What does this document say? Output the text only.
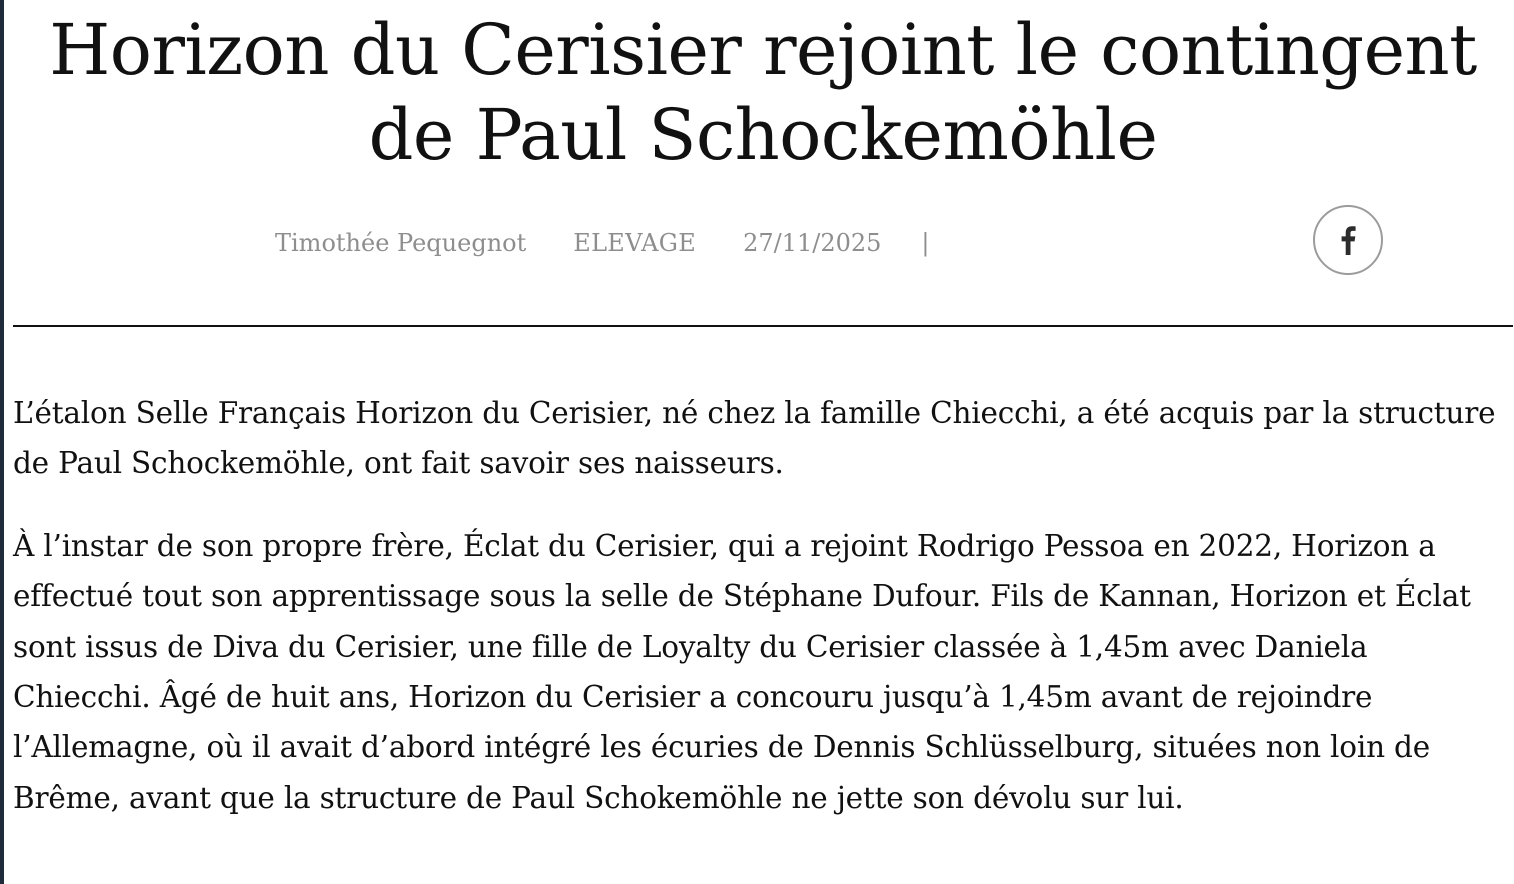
Horizon du Cerisier rejoint le contingent de Paul Schockemöhle
Timothée Pequegnot ELEVAGE 27/11/2025 |

L’étalon Selle Français Horizon du Cerisier, né chez la famille Chiecchi, a été acquis par la structure de Paul Schockemöhle, ont fait savoir ses naisseurs.

À l’instar de son propre frère, Éclat du Cerisier, qui a rejoint Rodrigo Pessoa en 2022, Horizon a effectué tout son apprentissage sous la selle de Stéphane Dufour. Fils de Kannan, Horizon et Éclat sont issus de Diva du Cerisier, une fille de Loyalty du Cerisier classée à 1,45m avec Daniela Chiecchi. Âgé de huit ans, Horizon du Cerisier a concouru jusqu’à 1,45m avant de rejoindre l’Allemagne, où il avait d’abord intégré les écuries de Dennis Schlüsselburg, situées non loin de Brême, avant que la structure de Paul Schokemöhle ne jette son dévolu sur lui.
